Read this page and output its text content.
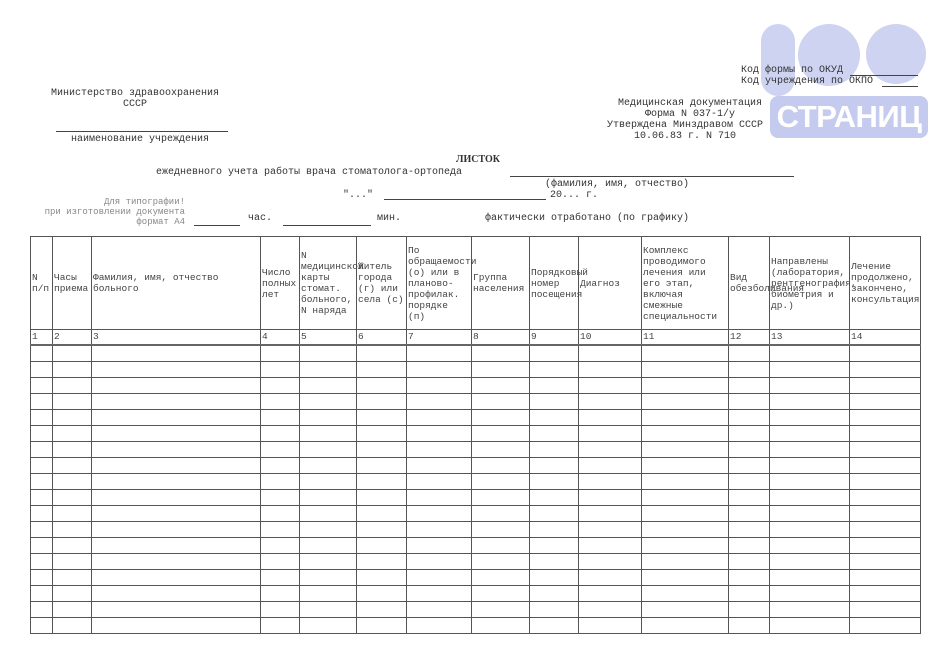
СТРАНИЦ
Министерство здравоохранения
СССР
наименование учреждения
Код формы по ОКУД
Код учреждения по ОКПО
Медицинская документация
Форма N 037-1/у
Утверждена Минздравом СССР
10.06.83 г. N 710
ЛИСТОК
ежедневного учета работы врача стоматолога-ортопеда
(фамилия, имя, отчество)
"..."	20... г.
Для типографии!
при изготовлении документа
формат А4	час.	мин.	фактически отработано (по графику)
N п/п	Часы приема	Фамилия, имя, отчество больного	Число полных лет	N медицинской карты стомат. больного, N наряда	Житель города (г) или села (с)	По обращаемости (о) или в планово-профилак. порядке (п)	Группа населения	Порядковый номер посещения	Диагноз	Комплекс проводимого лечения или его этап, включая смежные специальности	Вид обезболивания	Направлены (лаборатория, рентгенография, биометрия и др.)	Лечение продолжено, закончено, консультация
1	2	3	4	5	6	7	8	9	10	11	12	13	14
